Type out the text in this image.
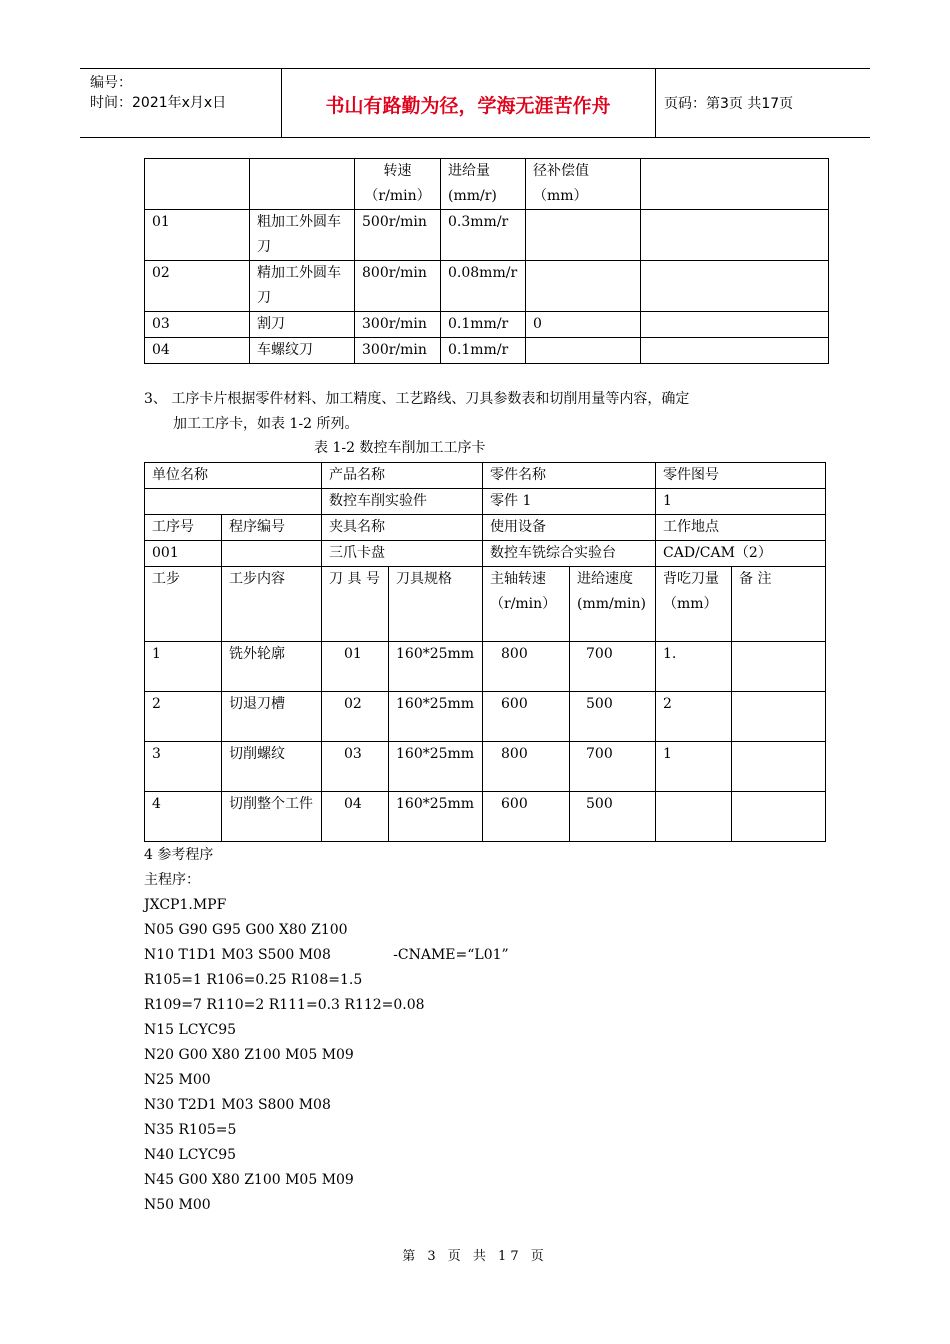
编号：
时间：2021年x月x日	书山有路勤为径，学海无涯苦作舟	页码：第3页 共17页
		转速（r/min）	进给量(mm/r)	径补偿值（mm）	
01	粗加工外圆车刀	500r/min	0.3mm/r		
02	精加工外圆车刀	800r/min	0.08mm/r		
03	割刀	300r/min	0.1mm/r	0	
04	车螺纹刀	300r/min	0.1mm/r		
3、 工序卡片根据零件材料、加工精度、工艺路线、刀具参数表和切削用量等内容，确定
加工工序卡，如表 1-2 所列。
表 1-2 数控车削加工工序卡
单位名称		产品名称		零件名称		零件图号	
		数控车削实验件		零件 1		1	
工序号	程序编号	夹具名称		使用设备		工作地点	
001		三爪卡盘		数控车铣综合实验台		CAD/CAM（2）	
工步	工步内容	刀 具 号	刀具规格	主轴转速（r/min）	进给速度(mm/min)	背吃刀量（mm）	备 注
1	铣外轮廓	01	160*25mm	800	700	1.	
2	切退刀槽	02	160*25mm	600	500	2	
3	切削螺纹	03	160*25mm	800	700	1	
4	切削整个工件	04	160*25mm	600	500		
4 参考程序
主程序：
JXCP1.MPF
N05 G90 G95 G00 X80 Z100
N10 T1D1 M03 S500 M08              -CNAME=“L01”
R105=1 R106=0.25 R108=1.5
R109=7 R110=2 R111=0.3 R112=0.08
N15 LCYC95
N20 G00 X80 Z100 M05 M09
N25 M00
N30 T2D1 M03 S800 M08
N35 R105=5
N40 LCYC95
N45 G00 X80 Z100 M05 M09
N50 M00
第 3 页 共 17 页
